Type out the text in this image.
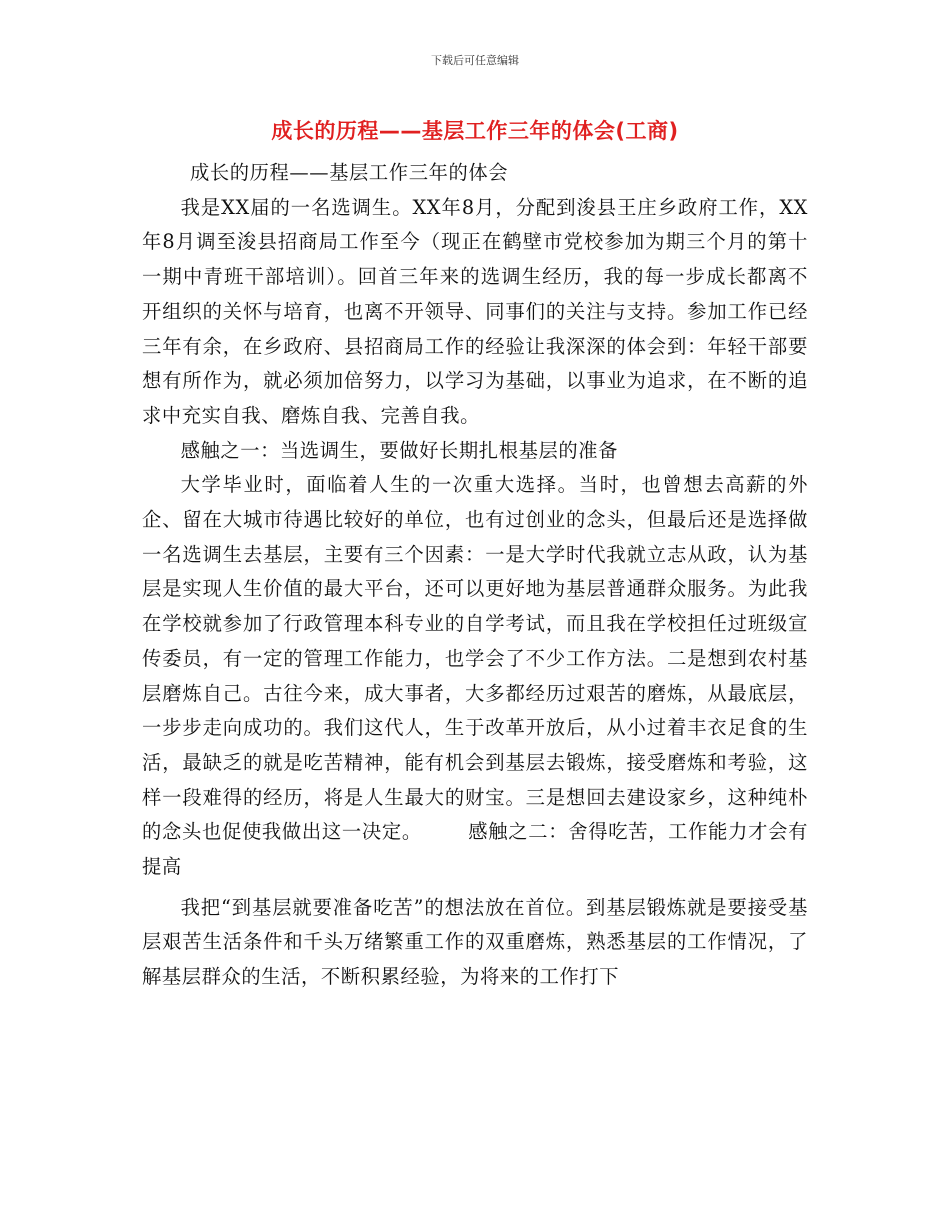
下载后可任意编辑
成长的历程——基层工作三年的体会(工商)

成长的历程——基层工作三年的体会

我是XX届的一名选调生。XX年8月，分配到浚县王庄乡政府工作，XX年8月调至浚县招商局工作至今（现正在鹤壁市党校参加为期三个月的第十一期中青班干部培训）。回首三年来的选调生经历，我的每一步成长都离不开组织的关怀与培育，也离不开领导、同事们的关注与支持。参加工作已经三年有余，在乡政府、县招商局工作的经验让我深深的体会到：年轻干部要想有所作为，就必须加倍努力，以学习为基础，以事业为追求，在不断的追求中充实自我、磨炼自我、完善自我。

感触之一：当选调生，要做好长期扎根基层的准备

大学毕业时，面临着人生的一次重大选择。当时，也曾想去高薪的外企、留在大城市待遇比较好的单位，也有过创业的念头，但最后还是选择做一名选调生去基层，主要有三个因素：一是大学时代我就立志从政，认为基层是实现人生价值的最大平台，还可以更好地为基层普通群众服务。为此我在学校就参加了行政管理本科专业的自学考试，而且我在学校担任过班级宣传委员，有一定的管理工作能力，也学会了不少工作方法。二是想到农村基层磨炼自己。古往今来，成大事者，大多都经历过艰苦的磨炼，从最底层，一步步走向成功的。我们这代人，生于改革开放后，从小过着丰衣足食的生活，最缺乏的就是吃苦精神，能有机会到基层去锻炼，接受磨炼和考验，这样一段难得的经历，将是人生最大的财宝。三是想回去建设家乡，这种纯朴的念头也促使我做出这一决定。 感触之二：舍得吃苦，工作能力才会有提高

我把“到基层就要准备吃苦”的想法放在首位。到基层锻炼就是要接受基层艰苦生活条件和千头万绪繁重工作的双重磨炼，熟悉基层的工作情况，了解基层群众的生活，不断积累经验，为将来的工作打下
